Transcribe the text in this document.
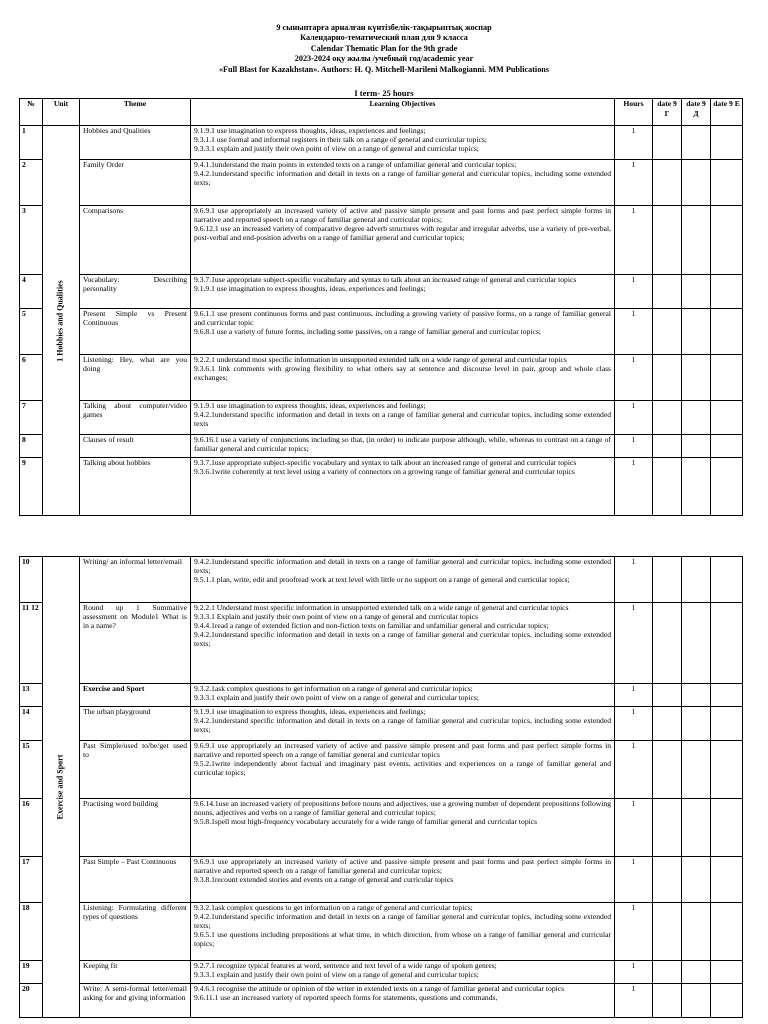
9 сыныптарға арналған күнтізбелік-тақырыптық жоспар
Календарно-тематический план для 9 класса
Calendar Thematic Plan for the 9th grade
2023-2024 оқу жылы /учебный год/academic year
«Full Blast for Kazakhstan». Authors: H. Q. Mitchell-Marileni Malkogianni. MM Publications
I term- 25 hours
№	Unit	Theme	Learning Objectives	Hours	date 9 Г	date 9 Д	date 9 Е
1	1 Hobbies and Qualities	Hobbies and Qualities	9.1.9.1 use imagination to express thoughts, ideas, experiences and feelings;
9.3.1.1 use formal and informal registers in their talk on a range of general and curricular topics;
9.3.3.1 explain and justify their own point of view on a range of general and curricular topics;	1			
2		Family Order	9.4.1.1understand the main points in extended texts on a range of unfamiliar general and curricular topics;
9.4.2.1understand specific information and detail in texts on a range of familiar general and curricular topics, including some extended texts;	1			
3		Comparisons	9.6.9.1 use appropriately an increased variety of active and passive simple present and past forms and past perfect simple forms in narrative and reported speech on a range of familiar general and curricular topics;
9.6.12.1 use an increased variety of comparative degree adverb structures with regular and irregular adverbs, use a variety of pre-verbal, post-verbal and end-position adverbs on a range of familiar general and curricular topics;	1			
4		Vocabulary: Describing personality	9.3.7.1use appropriate subject-specific vocabulary and syntax to talk about an increased range of general and curricular topics
9.1.9.1 use imagination to express thoughts, ideas, experiences and feelings;	1			
5		Present Simple vs Present Continuous	9.6.1.1 use present continuous forms and past continuous, including a growing variety of passive forms, on a range of familiar general and curricular topic
9.6.8.1 use a variety of future forms, including some passives, on a range of familiar general and curricular topics;	1			
6		Listening: Hey, what are you doing	9.2.2.1 understand most specific information in unsupported extended talk on a wide range of general and curricular topics
9.3.6.1 link comments with growing flexibility to what others say at sentence and discourse level in pair, group and whole class exchanges;	1			
7		Talking about computer/video games	9.1.9.1 use imagination to express thoughts, ideas, experiences and feelings;
9.4.2.1understand specific information and detail in texts on a range of familiar general and curricular topics, including some extended texts	1			
8		Clauses of result	9.6.16.1 use a variety of conjunctions including so that, (in order) to indicate purpose although, while, whereas to contrast on a range of familiar general and curricular topics;	1			
9		Talking about hobbies	9.3.7.1use appropriate subject-specific vocabulary and syntax to talk about an increased range of general and curricular topics
9.3.6.1write coherently at text level using a variety of connectors on a growing range of familiar general and curricular topics	1			
10	Exercise and Sport	Writing/ an informal letter/email	9.4.2.1understand specific information and detail in texts on a range of familiar general and curricular topics, including some extended texts;
9.5.1.1 plan, write, edit and proofread work at text level with little or no support on a range of general and curricular topics;	1			
11 12		Round up 1 Summative assessment on Module1 What is in a name?	9.2.2.1 Understand most specific information in unsupported extended talk on a wide range of general and curricular topics
9.3.3.1 Explain and justify their own point of view on a range of general and curricular topics
9.4.4.1read a range of extended fiction and non-fiction texts on familiar and unfamiliar general and curricular topics;
9.4.2.1understand specific information and detail in texts on a range of familiar general and curricular topics, including some extended texts;	1			
13		Exercise and Sport	9.3.2.1ask complex questions to get information on a range of general and curricular topics;
9.3.3.1 explain and justify their own point of view on a range of general and curricular topics;	1			
14		The urban playground	9.1.9.1 use imagination to express thoughts, ideas, experiences and feelings;
9.4.2.1understand specific information and detail in texts on a range of familiar general and curricular topics, including some extended texts;	1			
15		Past Simple/used to/be/get used to	9.6.9.1 use appropriately an increased variety of active and passive simple present and past forms and past perfect simple forms in narrative and reported speech on a range of familiar general and curricular topics
9.5.2.1write independently about factual and imaginary past events, activities and experiences on a range of familiar general and curricular topics;	1			
16		Practising word building	9.6.14.1use an increased variety of prepositions before nouns and adjectives, use a growing number of dependent prepositions following nouns, adjectives and verbs on a range of familiar general and curricular topics;
9.5.8.1spell most high-frequency vocabulary accurately for a wide range of familiar general and curricular topics	1			
17		Past Simple – Past Continuous	9.6.9.1 use appropriately an increased variety of active and passive simple present and past forms and past perfect simple forms in narrative and reported speech on a range of familiar general and curricular topics;
9.3.8.1recount extended stories and events on a range of general and curricular topics	1			
18		Listening: Formulating different types of questions	9.3.2.1ask complex questions to get information on a range of general and curricular topics;
9.4.2.1understand specific information and detail in texts on a range of familiar general and curricular topics, including some extended texts;
9.6.5.1 use questions including prepositions at what time, in which direction, from whose on a range of familiar general and curricular topics;	1			
19		Keeping fit	9.2.7.1 recognize typical features at word, sentence and text level of a wide range of spoken genres;
9.3.3.1 explain and justify their own point of view on a range of general and curricular topics;	1			
20		Write: A semi-formal letter/email asking for and giving information	9.4.6.1 recognise the attitude or opinion of the writer in extended texts on a range of familiar general and curricular topics
9.6.11.1 use an increased variety of reported speech forms for statements, questions and commands,	1			
